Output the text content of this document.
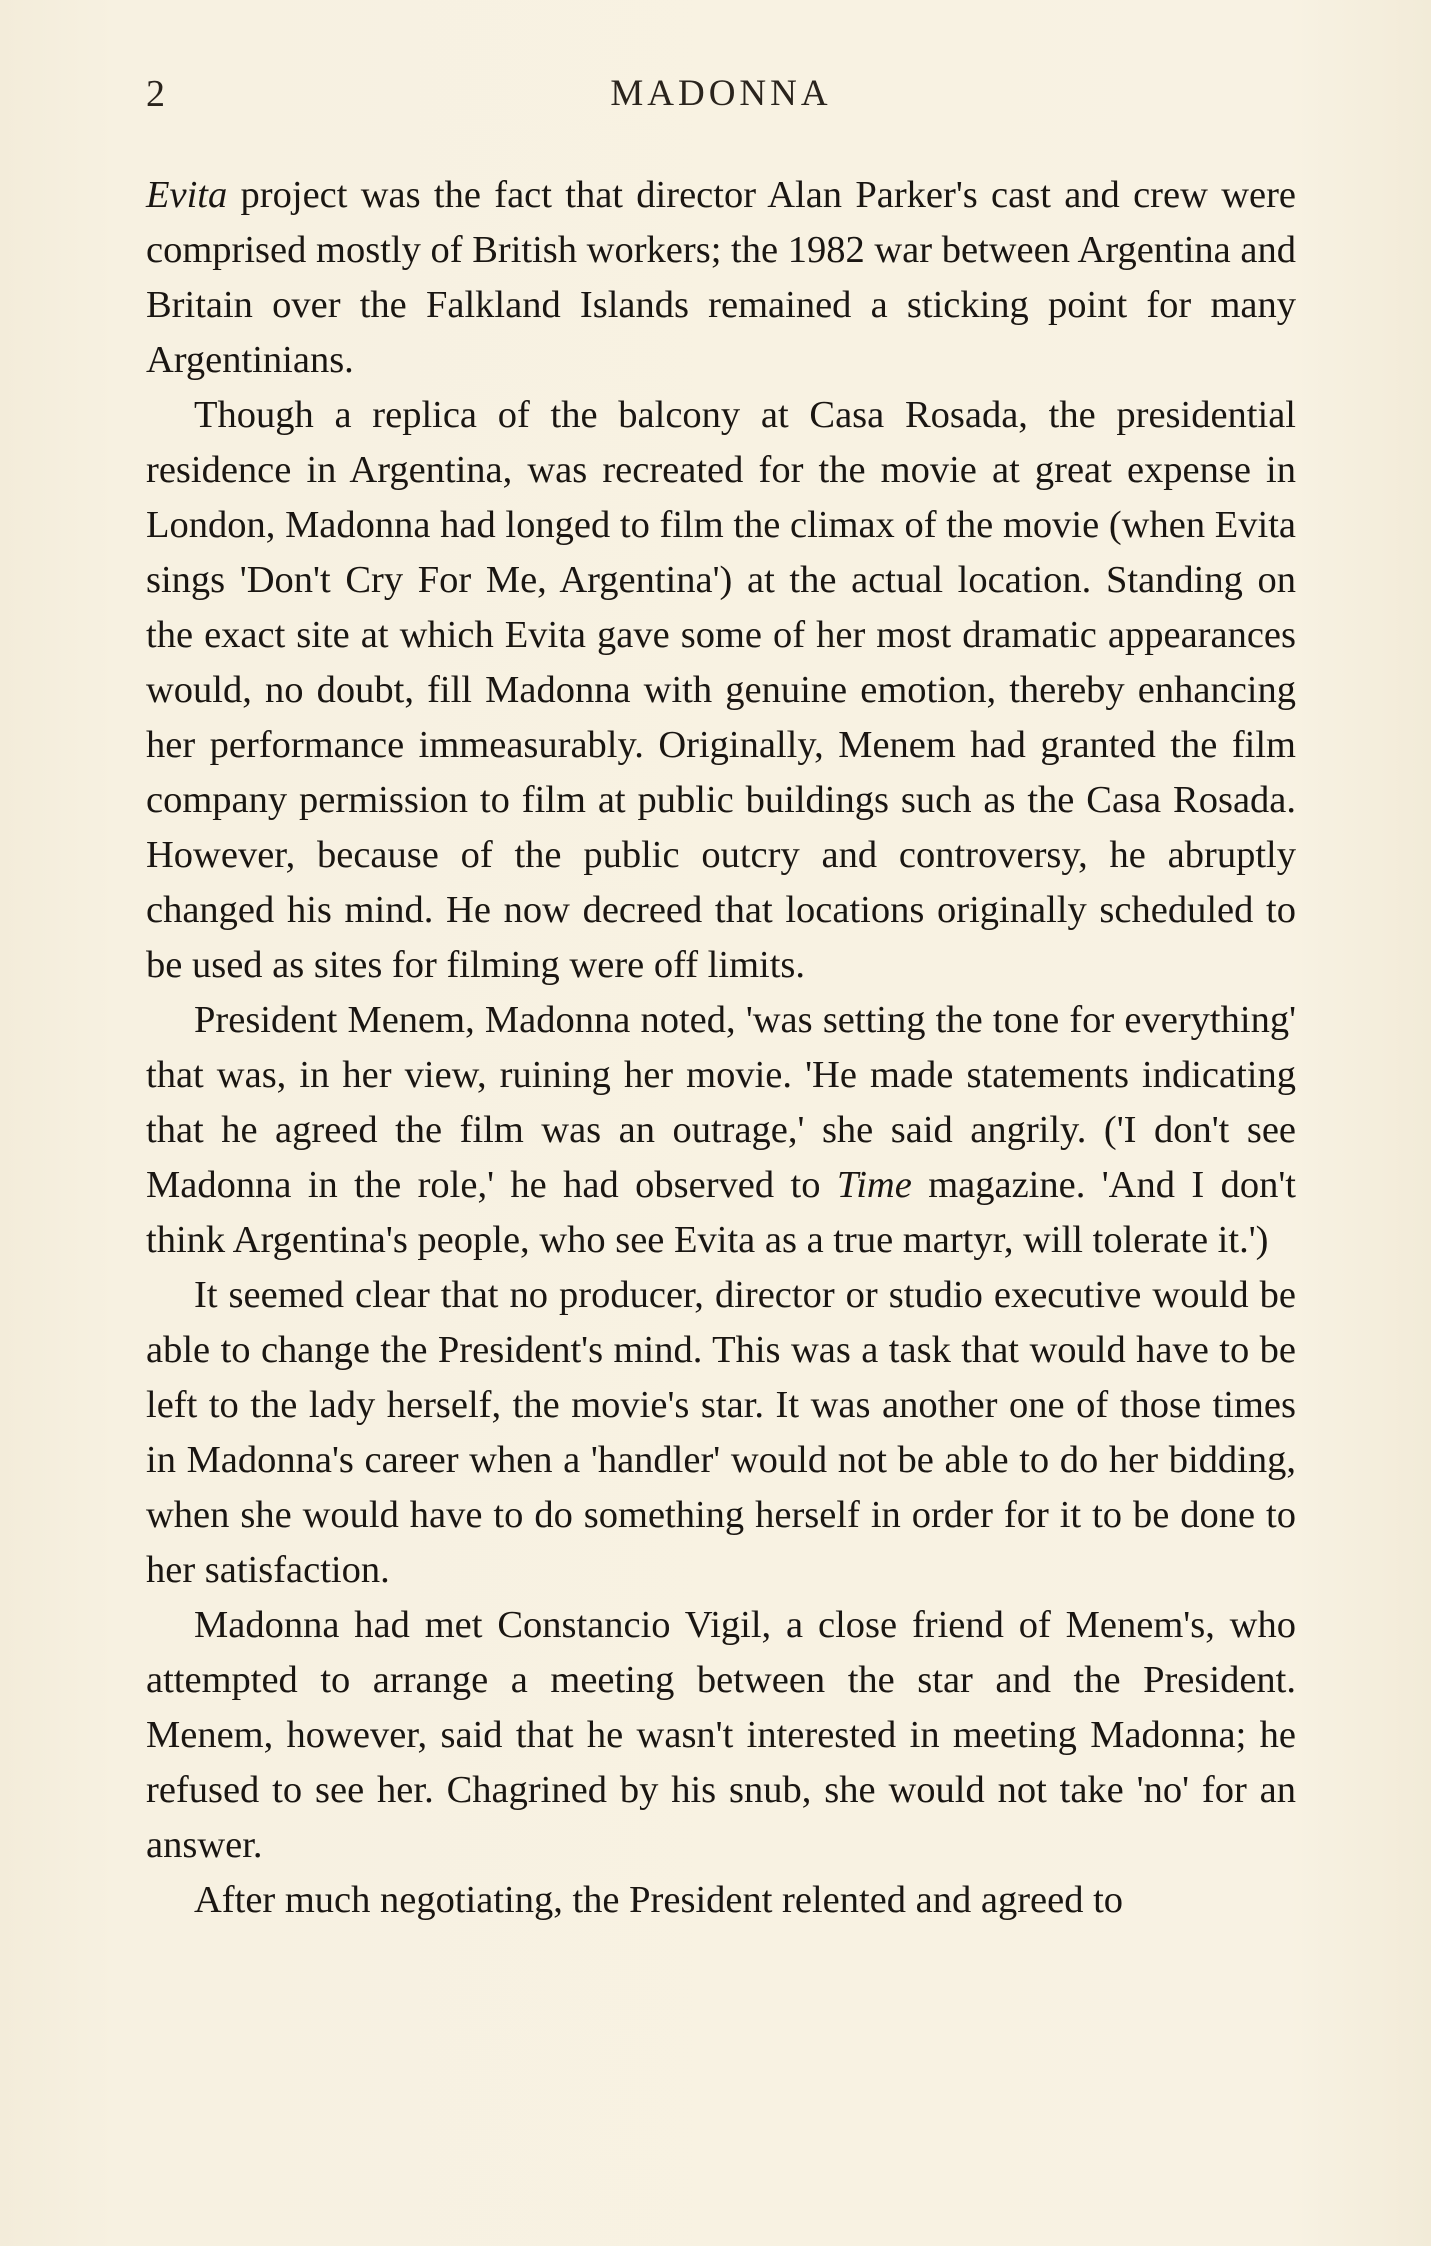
2	MADONNA

Evita project was the fact that director Alan Parker's cast and crew were comprised mostly of British workers; the 1982 war between Argentina and Britain over the Falkland Islands remained a sticking point for many Argentinians.

Though a replica of the balcony at Casa Rosada, the presidential residence in Argentina, was recreated for the movie at great expense in London, Madonna had longed to film the climax of the movie (when Evita sings 'Don't Cry For Me, Argentina') at the actual location. Standing on the exact site at which Evita gave some of her most dramatic appearances would, no doubt, fill Madonna with genuine emotion, thereby enhancing her performance immeasurably. Originally, Menem had granted the film company permission to film at public buildings such as the Casa Rosada. However, because of the public outcry and controversy, he abruptly changed his mind. He now decreed that locations originally scheduled to be used as sites for filming were off limits.

President Menem, Madonna noted, 'was setting the tone for everything' that was, in her view, ruining her movie. 'He made statements indicating that he agreed the film was an outrage,' she said angrily. ('I don't see Madonna in the role,' he had observed to Time magazine. 'And I don't think Argentina's people, who see Evita as a true martyr, will tolerate it.')

It seemed clear that no producer, director or studio executive would be able to change the President's mind. This was a task that would have to be left to the lady herself, the movie's star. It was another one of those times in Madonna's career when a 'handler' would not be able to do her bidding, when she would have to do something herself in order for it to be done to her satisfaction.

Madonna had met Constancio Vigil, a close friend of Menem's, who attempted to arrange a meeting between the star and the President. Menem, however, said that he wasn't interested in meeting Madonna; he refused to see her. Chagrined by his snub, she would not take 'no' for an answer.

After much negotiating, the President relented and agreed to
